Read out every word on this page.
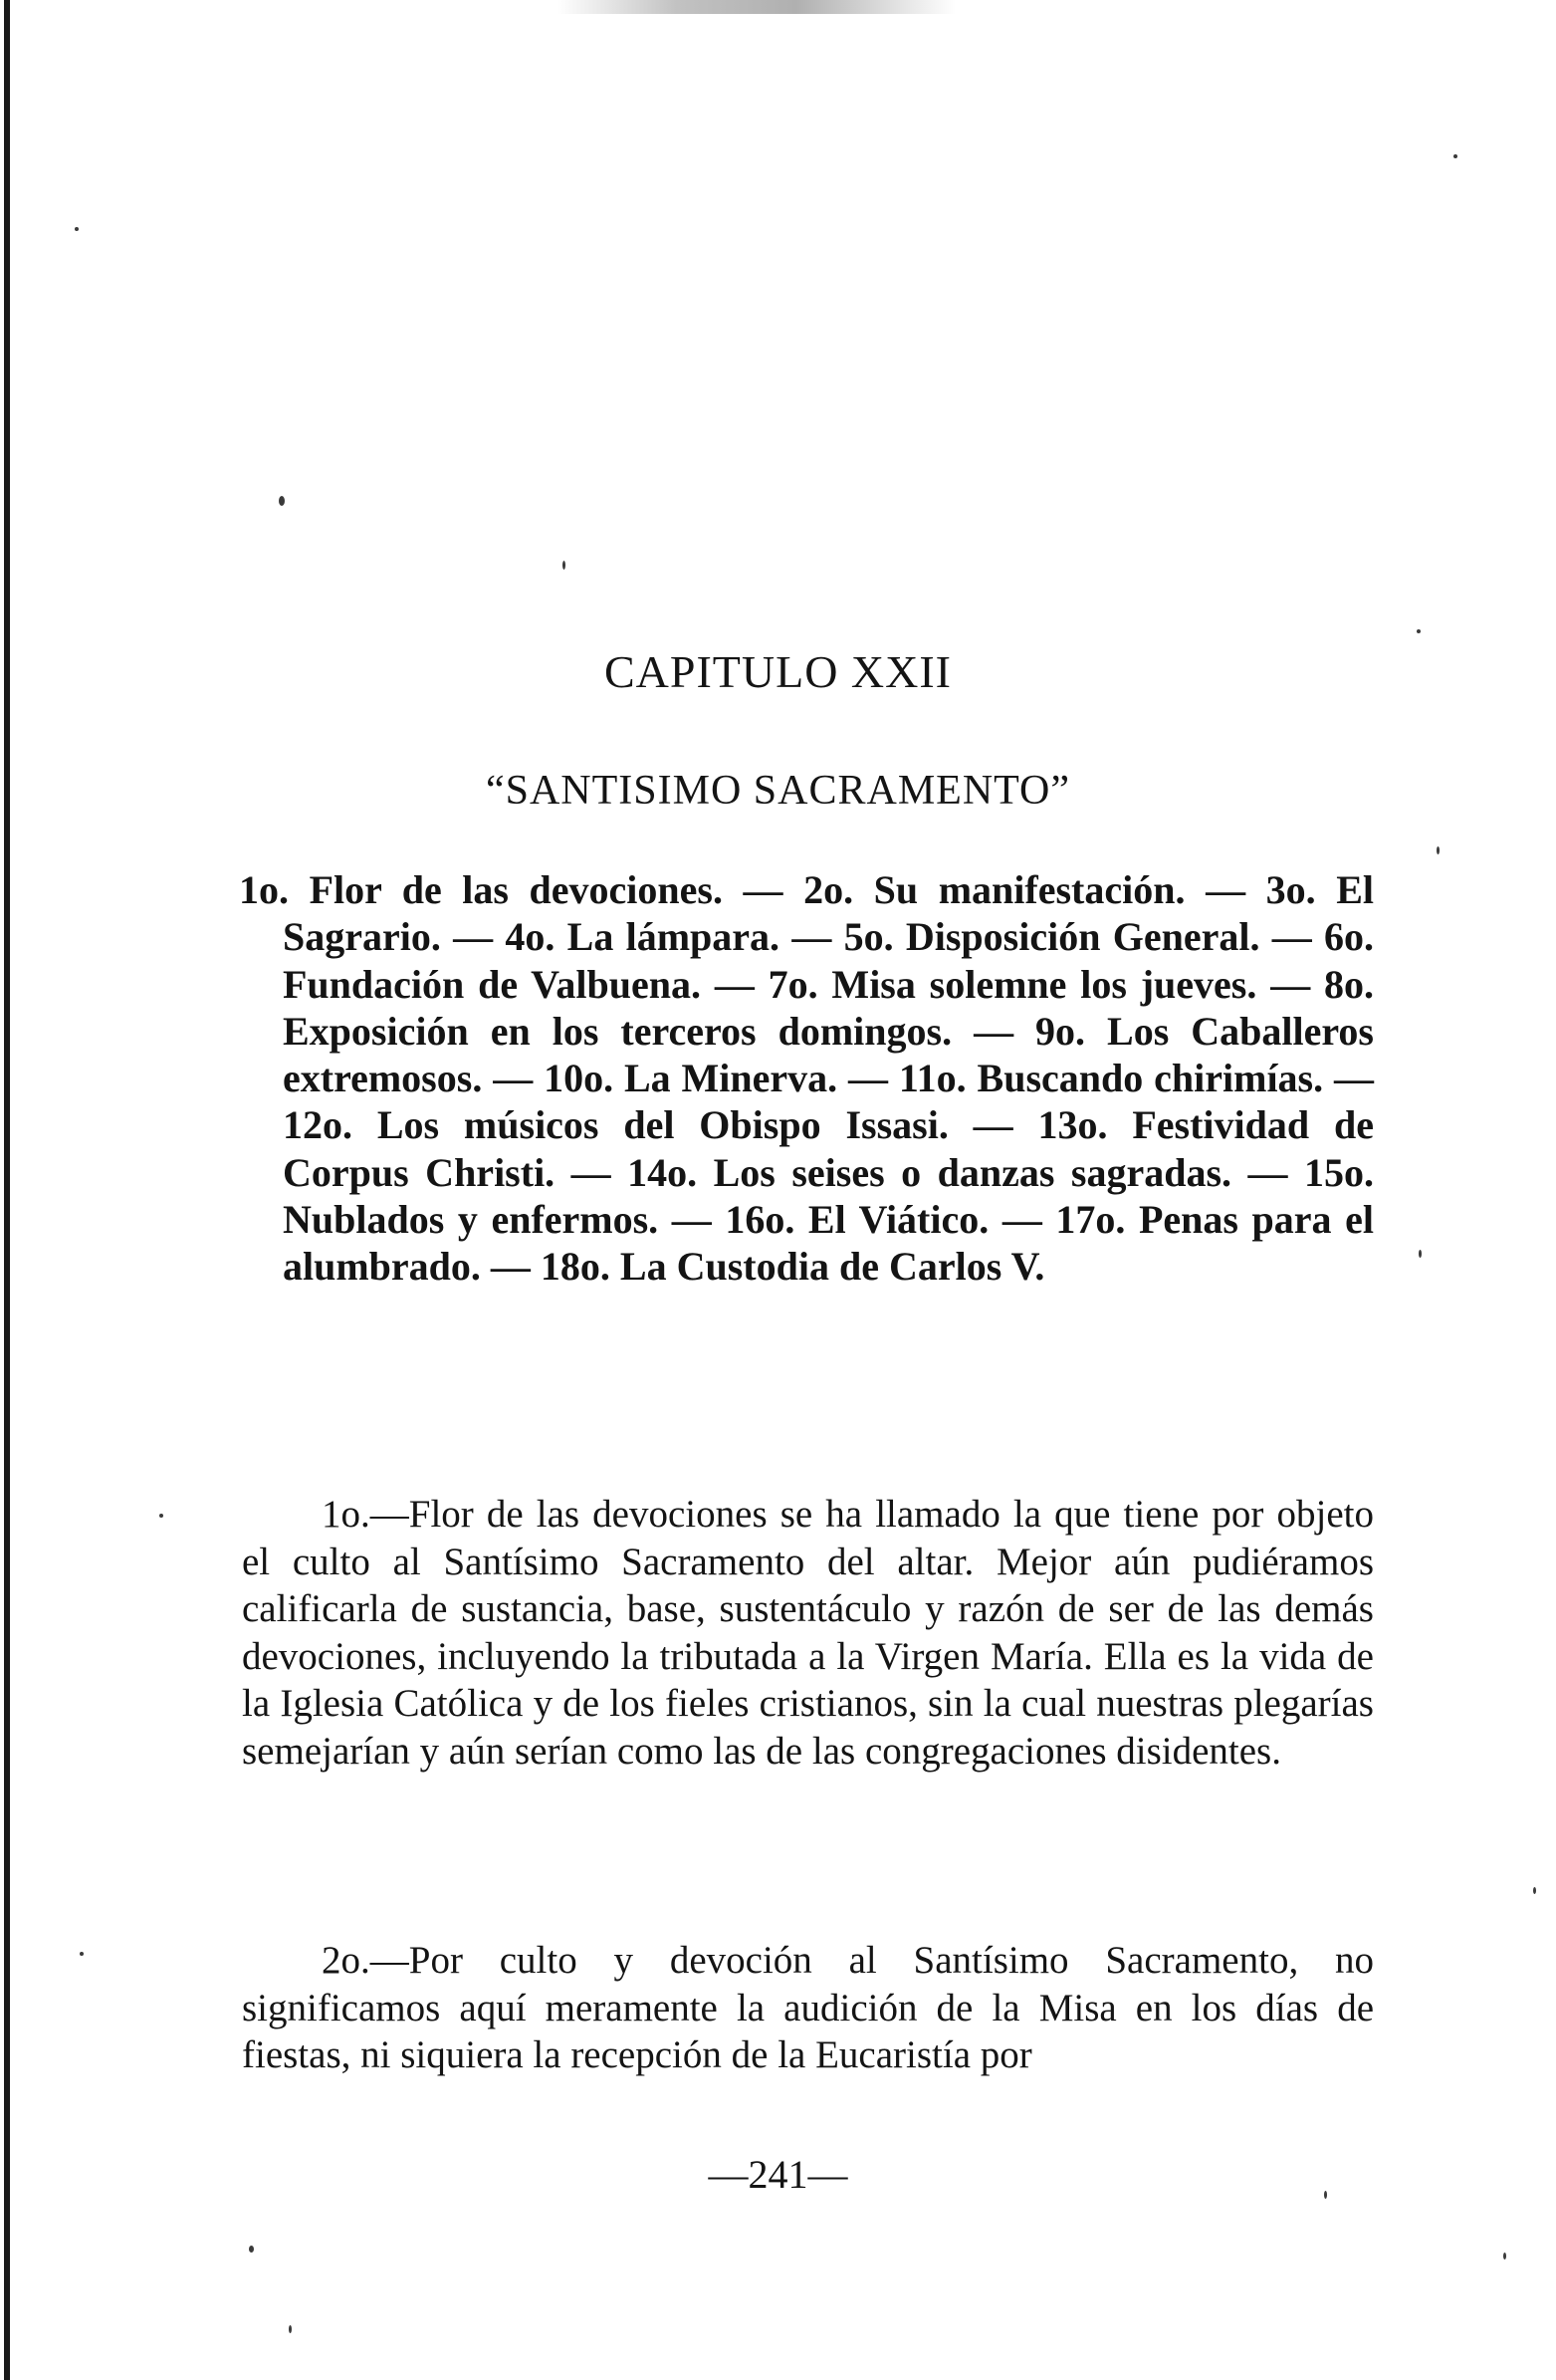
CAPITULO XXII
“SANTISIMO SACRAMENTO”
1o. Flor de las devociones. — 2o. Su manifestación. — 3o. El Sagrario. — 4o. La lámpara. — 5o. Disposición General. — 6o. Fundación de Valbuena. — 7o. Misa solemne los jueves. — 8o. Exposición en los terceros domingos. — 9o. Los Caballeros extremosos. — 10o. La Minerva. — 11o. Buscando chirimías. — 12o. Los músicos del Obispo Issasi. — 13o. Festividad de Corpus Christi. — 14o. Los seises o danzas sagradas. — 15o. Nublados y enfermos. — 16o. El Viático. — 17o. Penas para el alumbrado. — 18o. La Custodia de Carlos V.
1o.—Flor de las devociones se ha llamado la que tiene por objeto el culto al Santísimo Sacramento del altar. Mejor aún pudiéramos calificarla de sustancia, base, sustentáculo y razón de ser de las demás devociones, incluyendo la tributada a la Virgen María. Ella es la vida de la Iglesia Católica y de los fieles cristianos, sin la cual nuestras plegarías semejarían y aún serían como las de las congregaciones disidentes.
2o.—Por culto y devoción al Santísimo Sacramento, no significamos aquí meramente la audición de la Misa en los días de fiestas, ni siquiera la recepción de la Eucaristía por
—241—
